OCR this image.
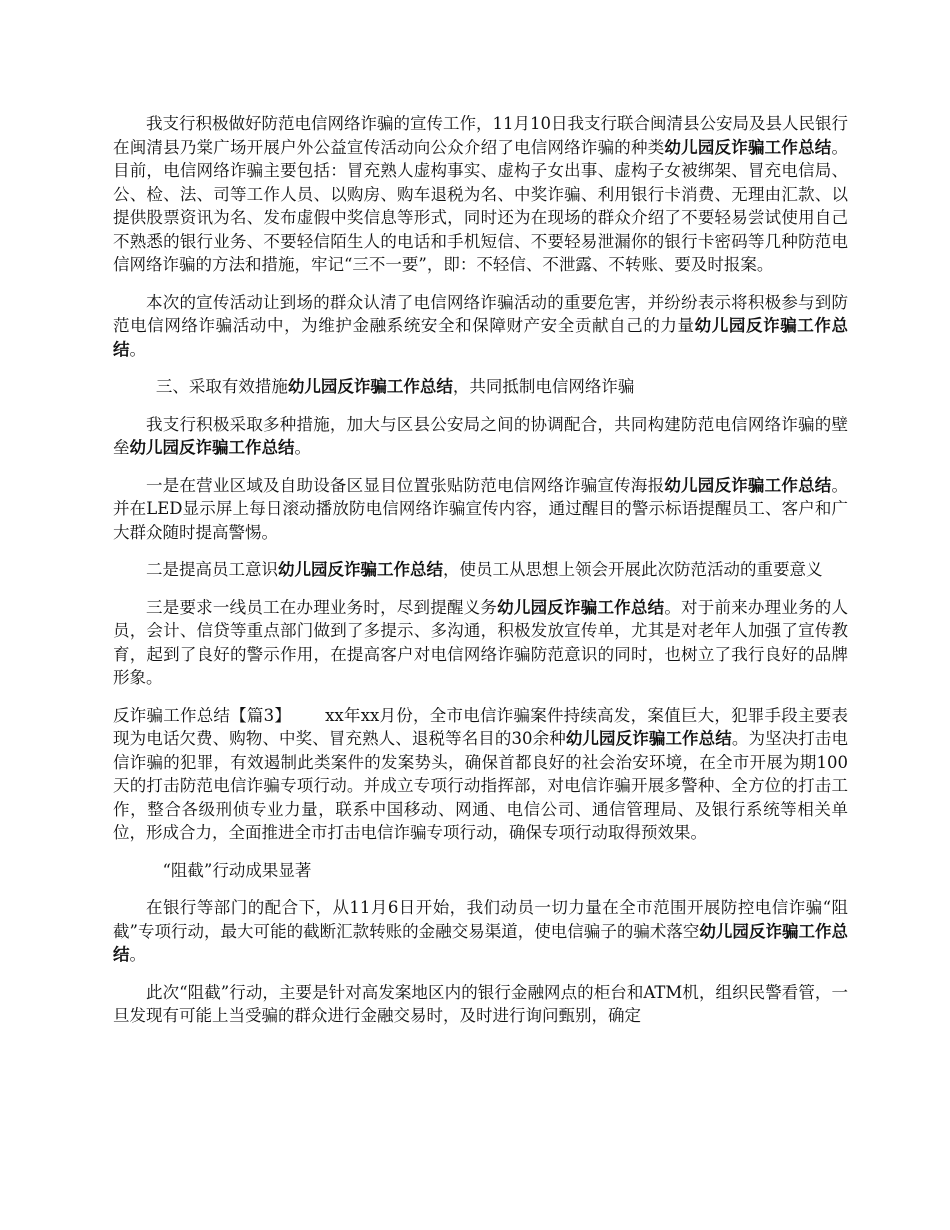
我支行积极做好防范电信网络诈骗的宣传工作，11月10日我支行联合闽清县公安局及县人民银行在闽清县乃棠广场开展户外公益宣传活动向公众介绍了电信网络诈骗的种类幼儿园反诈骗工作总结。目前，电信网络诈骗主要包括：冒充熟人虚构事实、虚构子女出事、虚构子女被绑架、冒充电信局、公、检、法、司等工作人员、以购房、购车退税为名、中奖诈骗、利用银行卡消费、无理由汇款、以提供股票资讯为名、发布虚假中奖信息等形式，同时还为在现场的群众介绍了不要轻易尝试使用自己不熟悉的银行业务、不要轻信陌生人的电话和手机短信、不要轻易泄漏你的银行卡密码等几种防范电信网络诈骗的方法和措施，牢记“三不一要”，即：不轻信、不泄露、不转账、要及时报案。

本次的宣传活动让到场的群众认清了电信网络诈骗活动的重要危害，并纷纷表示将积极参与到防范电信网络诈骗活动中，为维护金融系统安全和保障财产安全贡献自己的力量幼儿园反诈骗工作总结。

三、采取有效措施幼儿园反诈骗工作总结，共同抵制电信网络诈骗

我支行积极采取多种措施，加大与区县公安局之间的协调配合，共同构建防范电信网络诈骗的壁垒幼儿园反诈骗工作总结。

一是在营业区域及自助设备区显目位置张贴防范电信网络诈骗宣传海报幼儿园反诈骗工作总结。并在LED显示屏上每日滚动播放防电信网络诈骗宣传内容，通过醒目的警示标语提醒员工、客户和广大群众随时提高警惕。

二是提高员工意识幼儿园反诈骗工作总结，使员工从思想上领会开展此次防范活动的重要意义

三是要求一线员工在办理业务时，尽到提醒义务幼儿园反诈骗工作总结。对于前来办理业务的人员，会计、信贷等重点部门做到了多提示、多沟通，积极发放宣传单，尤其是对老年人加强了宣传教育，起到了良好的警示作用，在提高客户对电信网络诈骗防范意识的同时，也树立了我行良好的品牌形象。

反诈骗工作总结【篇3】 xx年xx月份，全市电信诈骗案件持续高发，案值巨大，犯罪手段主要表现为电话欠费、购物、中奖、冒充熟人、退税等名目的30余种幼儿园反诈骗工作总结。为坚决打击电信诈骗的犯罪，有效遏制此类案件的发案势头，确保首都良好的社会治安环境，在全市开展为期100天的打击防范电信诈骗专项行动。并成立专项行动指挥部，对电信诈骗开展多警种、全方位的打击工作，整合各级刑侦专业力量，联系中国移动、网通、电信公司、通信管理局、及银行系统等相关单位，形成合力，全面推进全市打击电信诈骗专项行动，确保专项行动取得预效果。

“阻截”行动成果显著

在银行等部门的配合下，从11月6日开始，我们动员一切力量在全市范围开展防控电信诈骗“阻截”专项行动，最大可能的截断汇款转账的金融交易渠道，使电信骗子的骗术落空幼儿园反诈骗工作总结。

此次“阻截”行动，主要是针对高发案地区内的银行金融网点的柜台和ATM机，组织民警看管，一旦发现有可能上当受骗的群众进行金融交易时，及时进行询问甄别，确定
